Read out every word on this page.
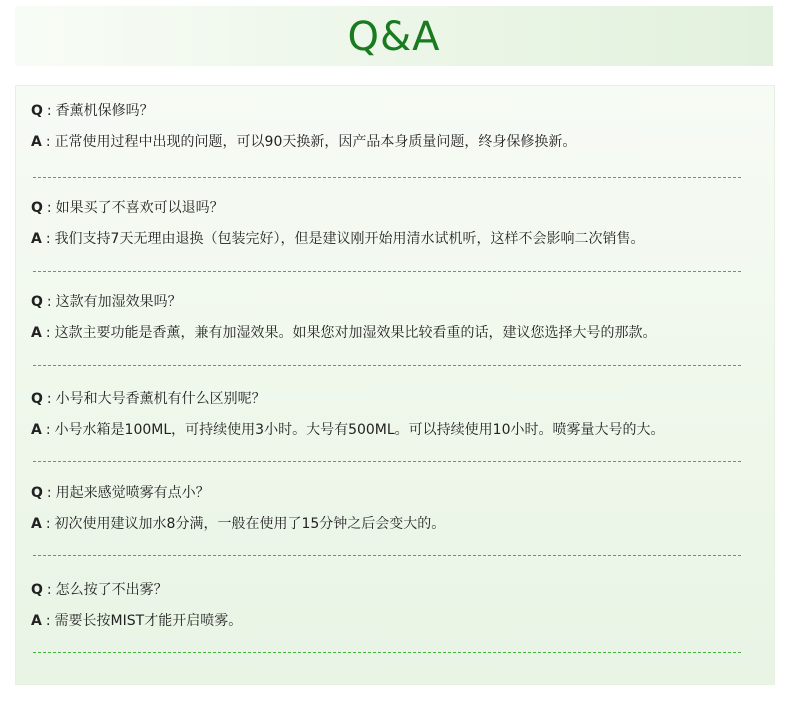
Q&A
Q : 香薰机保修吗？
A : 正常使用过程中出现的问题，可以90天换新，因产品本身质量问题，终身保修换新。
Q : 如果买了不喜欢可以退吗？
A : 我们支持7天无理由退换（包装完好），但是建议刚开始用清水试机听，这样不会影响二次销售。
Q : 这款有加湿效果吗？
A : 这款主要功能是香薰，兼有加湿效果。如果您对加湿效果比较看重的话，建议您选择大号的那款。
Q : 小号和大号香薰机有什么区别呢？
A : 小号水箱是100ML，可持续使用3小时。大号有500ML。可以持续使用10小时。喷雾量大号的大。
Q : 用起来感觉喷雾有点小？
A : 初次使用建议加水8分满，一般在使用了15分钟之后会变大的。
Q : 怎么按了不出雾？
A : 需要长按MIST才能开启喷雾。
